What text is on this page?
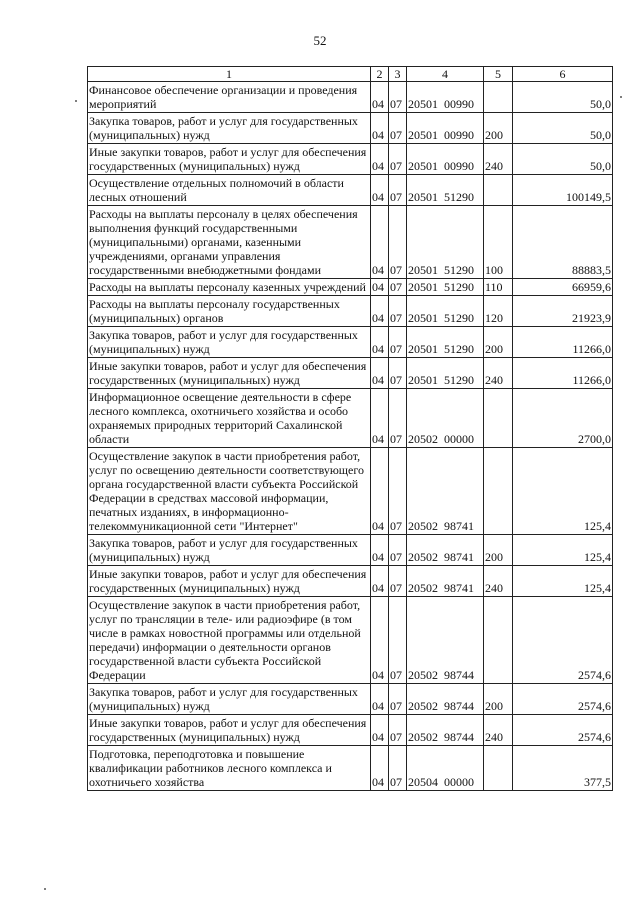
52
1	2	3	4	5	6
Финансовое обеспечение организации и проведения мероприятий	04	07	20501  00990		50,0
Закупка товаров, работ и услуг для государственных (муниципальных) нужд	04	07	20501  00990	200	50,0
Иные закупки товаров, работ и услуг для обеспечения государственных (муниципальных) нужд	04	07	20501  00990	240	50,0
Осуществление отдельных полномочий в области лесных отношений	04	07	20501  51290		100149,5
Расходы на выплаты персоналу в целях обеспечения выполнения функций государственными (муниципальными) органами, казенными учреждениями, органами управления государственными внебюджетными фондами	04	07	20501  51290	100	88883,5
Расходы на выплаты персоналу казенных учреждений	04	07	20501  51290	110	66959,6
Расходы на выплаты персоналу государственных (муниципальных) органов	04	07	20501  51290	120	21923,9
Закупка товаров, работ и услуг для государственных (муниципальных) нужд	04	07	20501  51290	200	11266,0
Иные закупки товаров, работ и услуг для обеспечения государственных (муниципальных) нужд	04	07	20501  51290	240	11266,0
Информационное освещение деятельности в сфере лесного комплекса, охотничьего хозяйства и особо охраняемых природных территорий Сахалинской области	04	07	20502  00000		2700,0
Осуществление закупок в части приобретения работ, услуг по освещению деятельности соответствующего органа государственной власти субъекта Российской Федерации в средствах массовой информации, печатных изданиях, в информационно-телекоммуникационной сети "Интернет"	04	07	20502  98741		125,4
Закупка товаров, работ и услуг для государственных (муниципальных) нужд	04	07	20502  98741	200	125,4
Иные закупки товаров, работ и услуг для обеспечения государственных (муниципальных) нужд	04	07	20502  98741	240	125,4
Осуществление закупок в части приобретения работ, услуг по трансляции в теле- или радиоэфире (в том числе в рамках новостной программы или отдельной передачи) информации о деятельности органов государственной власти субъекта Российской Федерации	04	07	20502  98744		2574,6
Закупка товаров, работ и услуг для государственных (муниципальных) нужд	04	07	20502  98744	200	2574,6
Иные закупки товаров, работ и услуг для обеспечения государственных (муниципальных) нужд	04	07	20502  98744	240	2574,6
Подготовка, переподготовка и повышение квалификации работников лесного комплекса и охотничьего хозяйства	04	07	20504  00000		377,5
